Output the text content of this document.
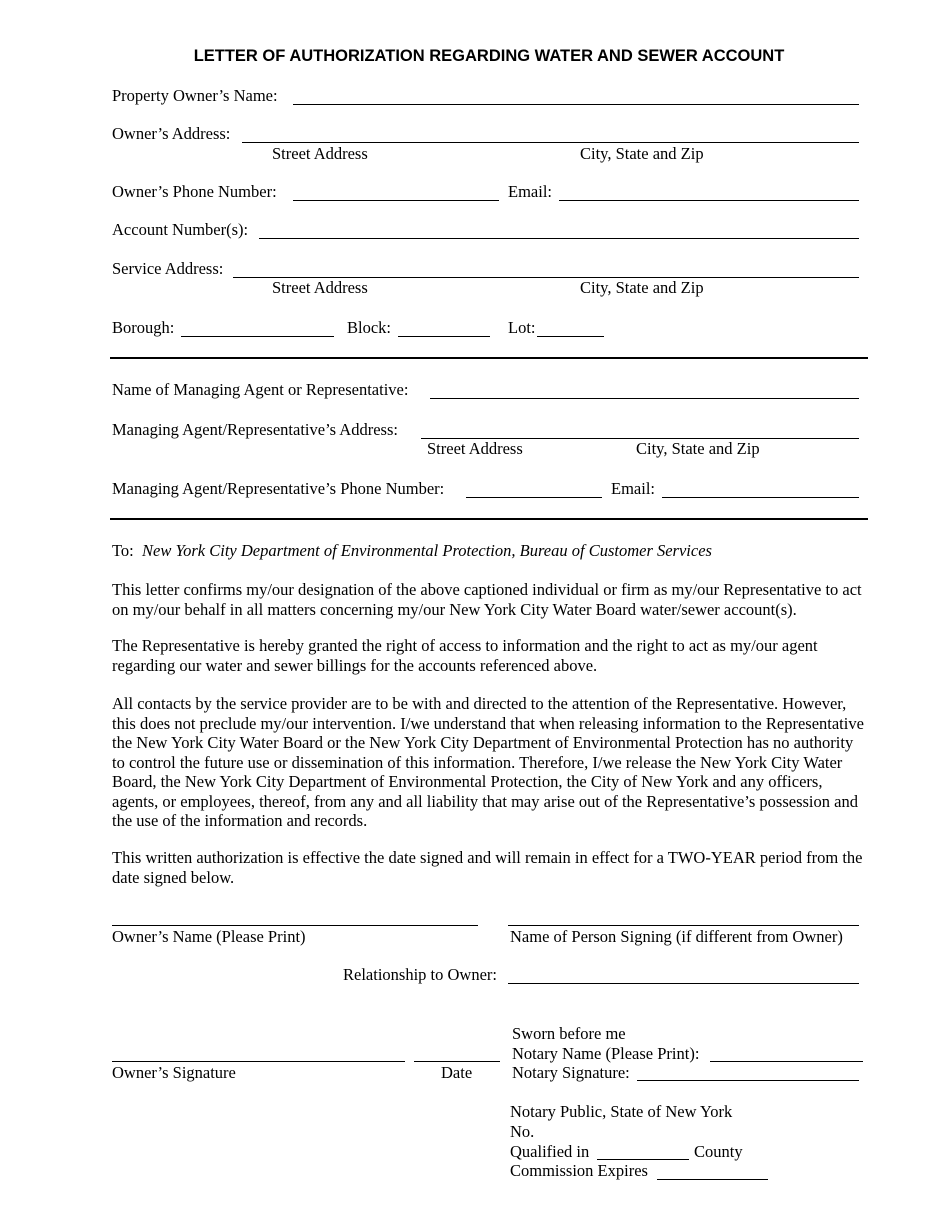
LETTER OF AUTHORIZATION REGARDING WATER AND SEWER ACCOUNT
Property Owner’s Name:
Owner’s Address:
Street Address	City, State and Zip
Owner’s Phone Number:	Email:
Account Number(s):
Service Address:
Street Address	City, State and Zip
Borough:	Block:	Lot:
Name of Managing Agent or Representative:
Managing Agent/Representative’s Address:
Street Address	City, State and Zip
Managing Agent/Representative’s Phone Number:	Email:
To: New York City Department of Environmental Protection, Bureau of Customer Services
This letter confirms my/our designation of the above captioned individual or firm as my/our Representative to act on my/our behalf in all matters concerning my/our New York City Water Board water/sewer account(s).
The Representative is hereby granted the right of access to information and the right to act as my/our agent regarding our water and sewer billings for the accounts referenced above.
All contacts by the service provider are to be with and directed to the attention of the Representative. However, this does not preclude my/our intervention. I/we understand that when releasing information to the Representative the New York City Water Board or the New York City Department of Environmental Protection has no authority to control the future use or dissemination of this information. Therefore, I/we release the New York City Water Board, the New York City Department of Environmental Protection, the City of New York and any officers, agents, or employees, thereof, from any and all liability that may arise out of the Representative’s possession and the use of the information and records.
This written authorization is effective the date signed and will remain in effect for a TWO-YEAR period from the date signed below.
Owner’s Name (Please Print)	Name of Person Signing (if different from Owner)
Relationship to Owner:
Owner’s Signature	Date
Sworn before me
Notary Name (Please Print):
Notary Signature:
Notary Public, State of New York
No.
Qualified in	County
Commission Expires
